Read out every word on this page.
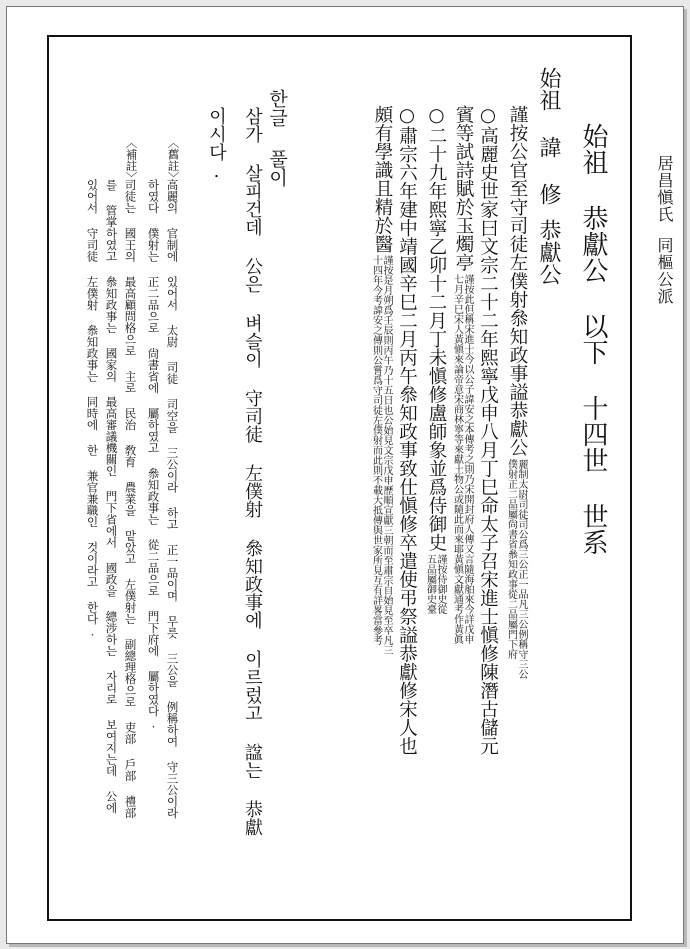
居昌愼氏同樞公派
始祖 恭獻公 以下 十四世 世系
始祖 諱 修恭獻公
謹按公官至守司徒左僕射叅知政事謚恭獻公麗制太尉司徒司公爲三公正一品凡三公例稱守三公
僕射正二品屬尙書省叅知政事從二品屬門下府
○高麗史世家曰文宗二十二年熙寧戊申八月丁巳命太子召宋進士愼修陳潛古儲元
賓等試詩賦於玉燭亭謹按此但稱宋進士今以公子諱安之本傳考之則乃宋開封府人傳又言隨海舶來今詳戊申
七月辛巳宋人黃愼來論帝意宋商林寧等來獻土物公或隨此而來耶黃愼文獻通考作黃眞
○二十九年熙寧乙卯十二月丁未愼修盧師象並爲侍御史謹按侍御史從
五品屬御史臺
○肅宗六年建中靖國辛巳二月丙午叅知政事致仕愼修卒遣使弔祭謚恭獻修宋人也
頗有學識且精於醫謹按是月朔爲壬辰則丙午乃十五日也公始見文宗戊申歷順宣獻三朝而至肅宗自始見至卒凡三
十四年今考諱安之傳則公嘗爲守司徒左僕射而此則不載大抵傳與世家所見互有詳畧當參考
한글 풀이
삼가 살피건데 公은 벼슬이 守司徒 左僕射 叅知政事에 이르렀고 諡는 恭獻
이시다.
〈舊註〉
高麗의 官制에 있어서 太尉 司徒 司空을 三公이라 하고 正一品이며 무릇 三公을 例稱하여 守三公이라
하였다 僕射는 正二品으로 尙書省에 屬하였고 叅知政事는 從二品으로 門下府에 屬하였다.
〈補註〉
司徒는 國王의 最高顧問格으로 主로 民治 敎育 農業을 맡았고 左僕射는 副總理格으로 吏部 戶部 禮部
를 管掌하였고 叅知政事는 國家의 最高審議機關인 門下省에서 國政을 總涉하는 자리로 보여지는데 公에
있어서 守司徒 左僕射 叅知政事는 同時에 한 兼官兼職인 것이라고 한다.
